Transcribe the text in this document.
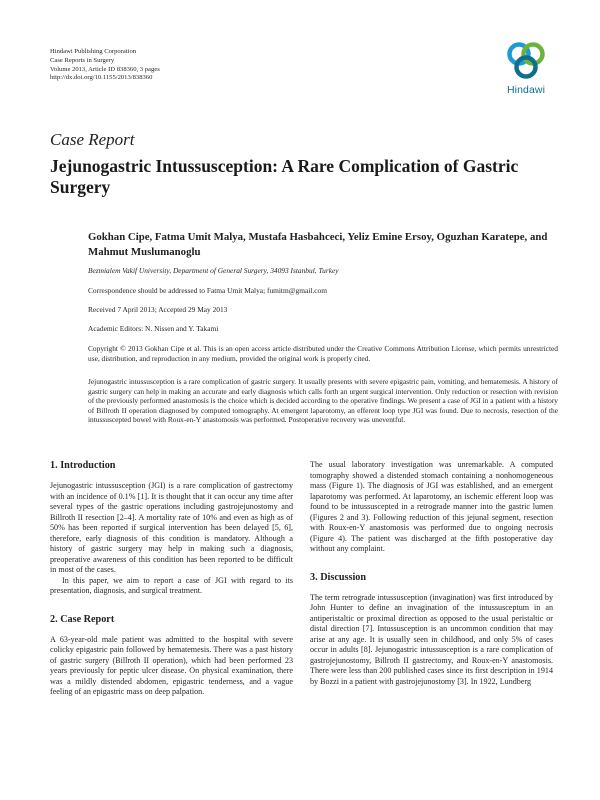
Hindawi Publishing Corporation
Case Reports in Surgery
Volume 2013, Article ID 838360, 3 pages
http://dx.doi.org/10.1155/2013/838360
Hindawi
Case Report
Jejunogastric Intussusception: A Rare Complication of Gastric Surgery
Gokhan Cipe, Fatma Umit Malya, Mustafa Hasbahceci, Yeliz Emine Ersoy, Oguzhan Karatepe, and Mahmut Muslumanoglu
Bezmialem Vakif University, Department of General Surgery, 34093 Istanbul, Turkey
Correspondence should be addressed to Fatma Umit Malya; fumitm@gmail.com
Received 7 April 2013; Accepted 29 May 2013
Academic Editors: N. Nissen and Y. Takami
Copyright © 2013 Gokhan Cipe et al. This is an open access article distributed under the Creative Commons Attribution License, which permits unrestricted use, distribution, and reproduction in any medium, provided the original work is properly cited.
Jejunogastric intussusception is a rare complication of gastric surgery. It usually presents with severe epigastric pain, vomiting, and hematemesis. A history of gastric surgery can help in making an accurate and early diagnosis which calls forth an urgent surgical intervention. Only reduction or resection with revision of the previously performed anastomosis is the choice which is decided according to the operative findings. We present a case of JGI in a patient with a history of Billroth II operation diagnosed by computed tomography. At emergent laparotomy, an efferent loop type JGI was found. Due to necrosis, resection of the intussuscepted bowel with Roux-en-Y anastomosis was performed. Postoperative recovery was uneventful.
1. Introduction

Jejunogastric intussusception (JGI) is a rare complication of gastrectomy with an incidence of 0.1% [1]. It is thought that it can occur any time after several types of the gastric operations including gastrojejunostomy and Billroth II resection [2–4]. A mortality rate of 10% and even as high as of 50% has been reported if surgical intervention has been delayed [5, 6], therefore, early diagnosis of this condition is mandatory. Although a history of gastric surgery may help in making such a diagnosis, preoperative awareness of this condition has been reported to be difficult in most of the cases.

In this paper, we aim to report a case of JGI with regard to its presentation, diagnosis, and surgical treatment.

2. Case Report

A 63-year-old male patient was admitted to the hospital with severe colicky epigastric pain followed by hematemesis. There was a past history of gastric surgery (Billroth II operation), which had been performed 23 years previously for peptic ulcer disease. On physical examination, there was a mildly distended abdomen, epigastric tenderness, and a vague feeling of an epigastric mass on deep palpation.

The usual laboratory investigation was unremarkable. A computed tomography showed a distended stomach containing a nonhomogeneous mass (Figure 1). The diagnosis of JGI was established, and an emergent laparotomy was performed. At laparotomy, an ischemic efferent loop was found to be intussuscepted in a retrograde manner into the gastric lumen (Figures 2 and 3). Following reduction of this jejunal segment, resection with Roux-en-Y anastomosis was performed due to ongoing necrosis (Figure 4). The patient was discharged at the fifth postoperative day without any complaint.

3. Discussion

The term retrograde intussusception (invagination) was first introduced by John Hunter to define an invagination of the intussusceptum in an antiperistaltic or proximal direction as opposed to the usual peristaltic or distal direction [7]. Intussusception is an uncommon condition that may arise at any age. It is usually seen in childhood, and only 5% of cases occur in adults [8]. Jejunogastric intussusception is a rare complication of gastrojejunostomy, Billroth II gastrectomy, and Roux-en-Y anastomosis. There were less than 200 published cases since its first description in 1914 by Bozzi in a patient with gastrojejunostomy [3]. In 1922, Lundberg
